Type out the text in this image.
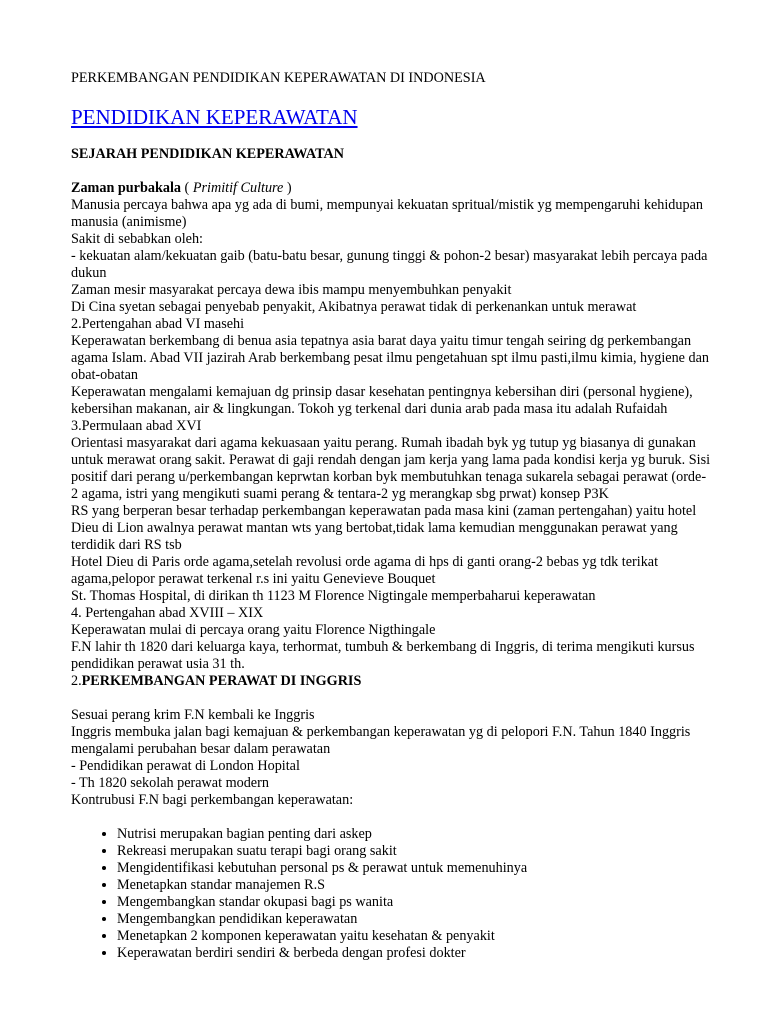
PERKEMBANGAN PENDIDIKAN KEPERAWATAN DI INDONESIA

PENDIDIKAN KEPERAWATAN

SEJARAH PENDIDIKAN KEPERAWATAN

Zaman purbakala ( Primitif Culture )

Manusia percaya bahwa apa yg ada di bumi, mempunyai kekuatan spritual/mistik yg mempengaruhi kehidupan manusia (animisme)

Sakit di sebabkan oleh:

- kekuatan alam/kekuatan gaib (batu-batu besar, gunung tinggi & pohon-2 besar) masyarakat lebih percaya pada dukun

Zaman mesir masyarakat percaya dewa ibis mampu menyembuhkan penyakit

Di Cina syetan sebagai penyebab penyakit, Akibatnya perawat tidak di perkenankan untuk merawat

2.Pertengahan abad VI masehi

Keperawatan berkembang di benua asia tepatnya asia barat daya yaitu timur tengah seiring dg perkembangan agama Islam. Abad VII jazirah Arab berkembang pesat ilmu pengetahuan spt ilmu pasti,ilmu kimia, hygiene dan obat-obatan

Keperawatan mengalami kemajuan dg prinsip dasar kesehatan pentingnya kebersihan diri (personal hygiene), kebersihan makanan, air & lingkungan. Tokoh yg terkenal dari dunia arab pada masa itu adalah Rufaidah

3.Permulaan abad XVI

Orientasi masyarakat dari agama kekuasaan yaitu perang. Rumah ibadah byk yg tutup yg biasanya di gunakan untuk merawat orang sakit. Perawat di gaji rendah dengan jam kerja yang lama pada kondisi kerja yg buruk. Sisi positif dari perang u/perkembangan keprwtan korban byk membutuhkan tenaga sukarela sebagai perawat (orde-2 agama, istri yang mengikuti suami perang & tentara-2 yg merangkap sbg prwat) konsep P3K

RS yang berperan besar terhadap perkembangan keperawatan pada masa kini (zaman pertengahan) yaitu hotel Dieu di Lion awalnya perawat mantan wts yang bertobat,tidak lama kemudian menggunakan perawat yang terdidik dari RS tsb

Hotel Dieu di Paris orde agama,setelah revolusi orde agama di hps di ganti orang-2 bebas yg tdk terikat agama,pelopor perawat terkenal r.s ini yaitu Genevieve Bouquet

St. Thomas Hospital, di dirikan th 1123 M Florence Nigtingale memperbaharui keperawatan

4. Pertengahan abad XVIII – XIX

Keperawatan mulai di percaya orang yaitu Florence Nigthingale

F.N lahir th 1820 dari keluarga kaya, terhormat, tumbuh & berkembang di Inggris, di terima mengikuti kursus pendidikan perawat usia 31 th.

2.PERKEMBANGAN PERAWAT DI INGGRIS

Sesuai perang krim F.N kembali ke Inggris

Inggris membuka jalan bagi kemajuan & perkembangan keperawatan yg di pelopori F.N. Tahun 1840 Inggris mengalami perubahan besar dalam perawatan

- Pendidikan perawat di London Hopital

- Th 1820 sekolah perawat modern

Kontrubusi F.N bagi perkembangan keperawatan:

• Nutrisi merupakan bagian penting dari askep
• Rekreasi merupakan suatu terapi bagi orang sakit
• Mengidentifikasi kebutuhan personal ps & perawat untuk memenuhinya
• Menetapkan standar manajemen R.S
• Mengembangkan standar okupasi bagi ps wanita
• Mengembangkan pendidikan keperawatan
• Menetapkan 2 komponen keperawatan yaitu kesehatan & penyakit
• Keperawatan berdiri sendiri & berbeda dengan profesi dokter
